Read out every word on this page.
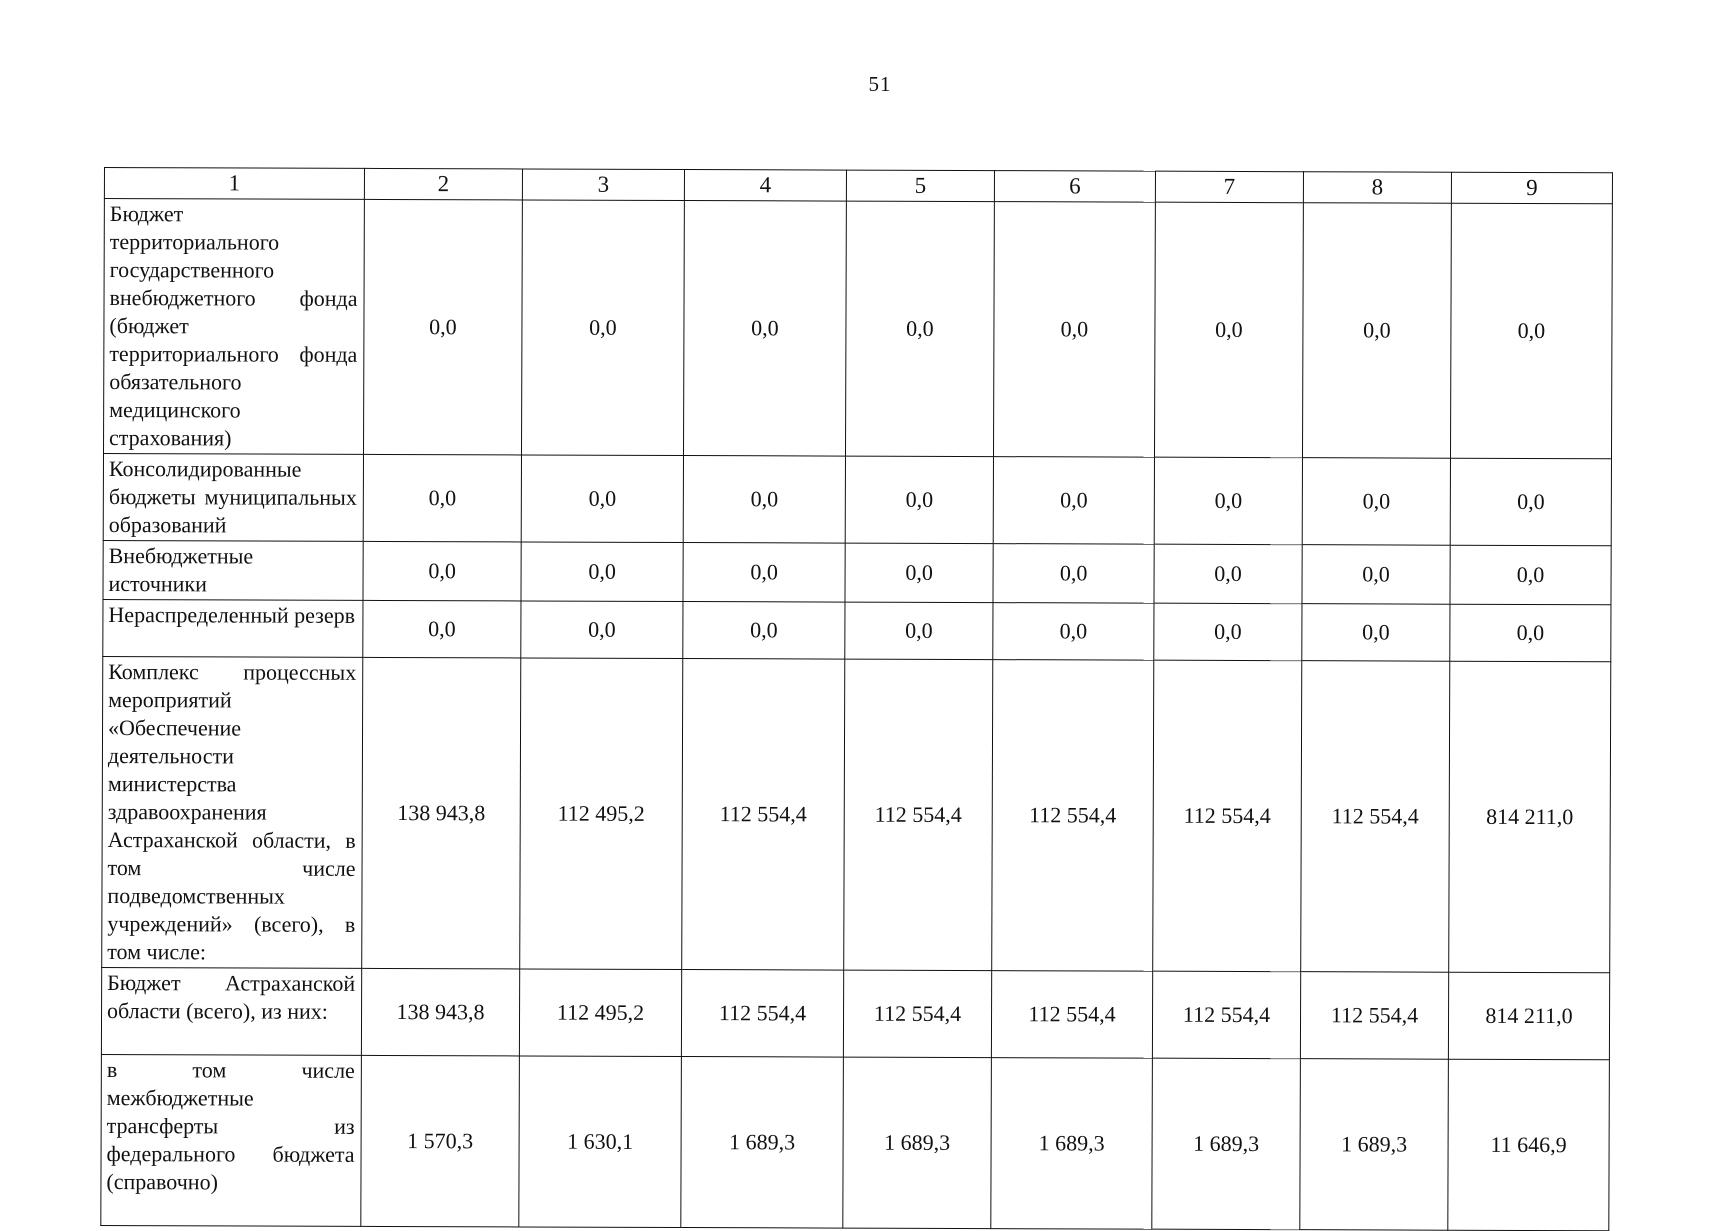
51
1	2	3	4	5	6	7	8	9
Бюджет территориального государственного внебюджетного фонда (бюджет территориального фонда обязательного медицинского страхования)	0,0	0,0	0,0	0,0	0,0	0,0	0,0	0,0
Консолидированные бюджеты муниципальных образований	0,0	0,0	0,0	0,0	0,0	0,0	0,0	0,0
Внебюджетные источники	0,0	0,0	0,0	0,0	0,0	0,0	0,0	0,0
Нераспределенный резерв	0,0	0,0	0,0	0,0	0,0	0,0	0,0	0,0
Комплекс процессных мероприятий «Обеспечение деятельности министерства здравоохранения Астраханской области, в том числе подведомственных учреждений» (всего), в том числе:	138 943,8	112 495,2	112 554,4	112 554,4	112 554,4	112 554,4	112 554,4	814 211,0
Бюджет Астраханской области (всего), из них:	138 943,8	112 495,2	112 554,4	112 554,4	112 554,4	112 554,4	112 554,4	814 211,0
в том числе межбюджетные трансферты из федерального бюджета (справочно)	1 570,3	1 630,1	1 689,3	1 689,3	1 689,3	1 689,3	1 689,3	11 646,9
